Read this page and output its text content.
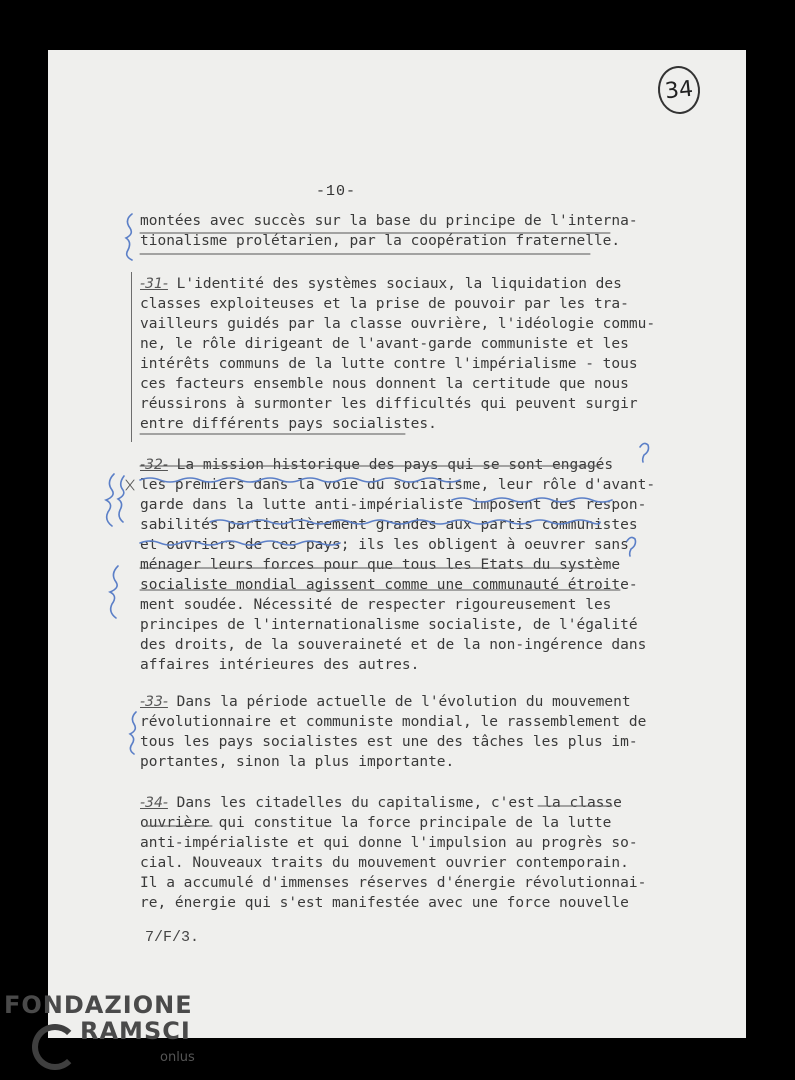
34
-10-
montées avec succès sur la base du principe de l'interna-
tionalisme prolétarien, par la coopération fraternelle.
-31- L'identité des systèmes sociaux, la liquidation des
classes exploiteuses et la prise de pouvoir par les tra-
vailleurs guidés par la classe ouvrière, l'idéologie commu-
ne, le rôle dirigeant de l'avant-garde communiste et les
intérêts communs de la lutte contre l'impérialisme - tous
ces facteurs ensemble nous donnent la certitude que nous
réussirons à surmonter les difficultés qui peuvent surgir
entre différents pays socialistes.
-32- La mission historique des pays qui se sont engagés
les premiers dans la voie du socialisme, leur rôle d'avant-
garde dans la lutte anti-impérialiste imposent des respon-
sabilités particulièrement grandes aux partis communistes
et ouvriers de ces pays; ils les obligent à oeuvrer sans
ménager leurs forces pour que tous les Etats du système
socialiste mondial agissent comme une communauté étroite-
ment soudée. Nécessité de respecter rigoureusement les
principes de l'internationalisme socialiste, de l'égalité
des droits, de la souveraineté et de la non-ingérence dans
affaires intérieures des autres.
-33- Dans la période actuelle de l'évolution du mouvement
révolutionnaire et communiste mondial, le rassemblement de
tous les pays socialistes est une des tâches les plus im-
portantes, sinon la plus importante.
-34- Dans les citadelles du capitalisme, c'est la classe
ouvrière qui constitue la force principale de la lutte
anti-impérialiste et qui donne l'impulsion au progrès so-
cial. Nouveaux traits du mouvement ouvrier contemporain.
Il a accumulé d'immenses réserves d'énergie révolutionnai-
re, énergie qui s'est manifestée avec une force nouvelle
7/F/3.
FONDAZIONE
RAMSCI
onlus
